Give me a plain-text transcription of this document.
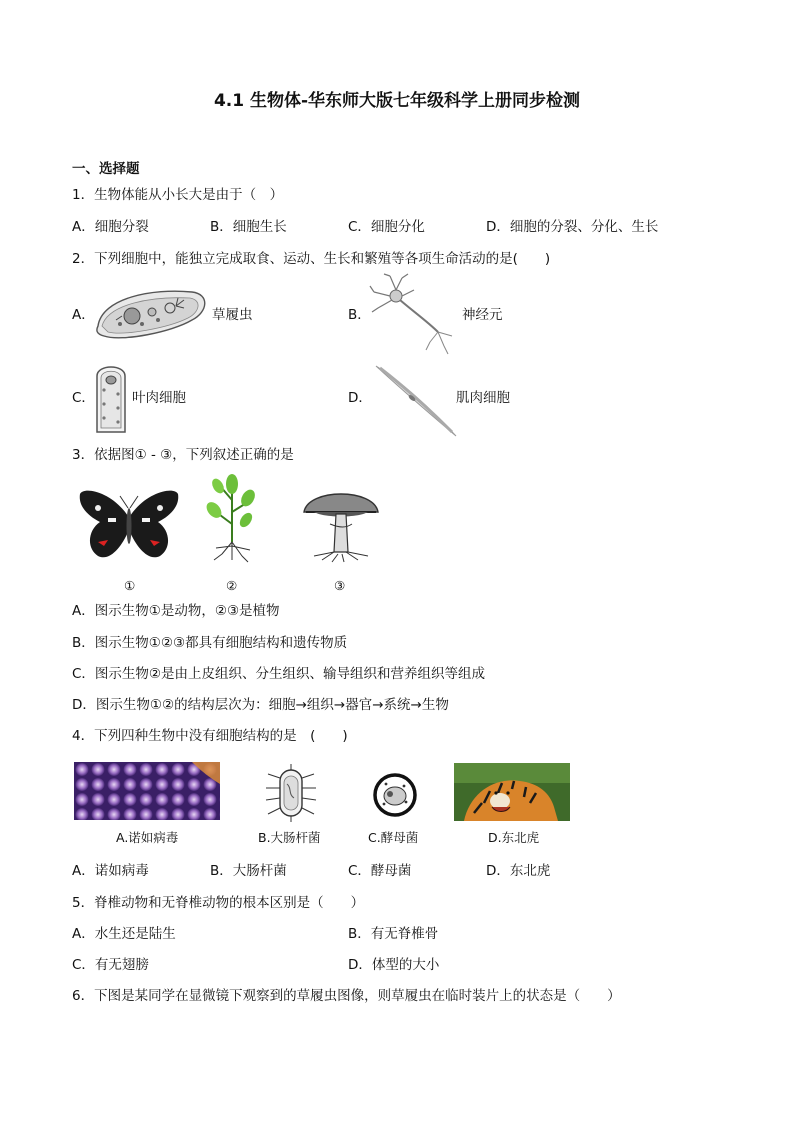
4.1 生物体-华东师大版七年级科学上册同步检测
一、选择题
1．生物体能从小长大是由于（　）
A．细胞分裂	B．细胞生长	C．细胞分化	D．细胞的分裂、分化、生长
2．下列细胞中，能独立完成取食、运动、生长和繁殖等各项生命活动的是(　　)
A．	草履虫	B．	神经元
C．	叶肉细胞	D．	肌肉细胞
3．依据图① - ③，下列叙述正确的是
①	②	③
A．图示生物①是动物，②③是植物
B．图示生物①②③都具有细胞结构和遗传物质
C．图示生物②是由上皮组织、分生组织、输导组织和营养组织等组成
D．图示生物①②的结构层次为：细胞→组织→器官→系统→生物
4．下列四种生物中没有细胞结构的是　(　　)
A.诺如病毒	B.大肠杆菌	C.酵母菌	D.东北虎
A．诺如病毒	B．大肠杆菌	C．酵母菌	D．东北虎
5．脊椎动物和无脊椎动物的根本区别是（　　）
A．水生还是陆生	B．有无脊椎骨
C．有无翅膀	D．体型的大小
6．下图是某同学在显微镜下观察到的草履虫图像，则草履虫在临时装片上的状态是（　　）
